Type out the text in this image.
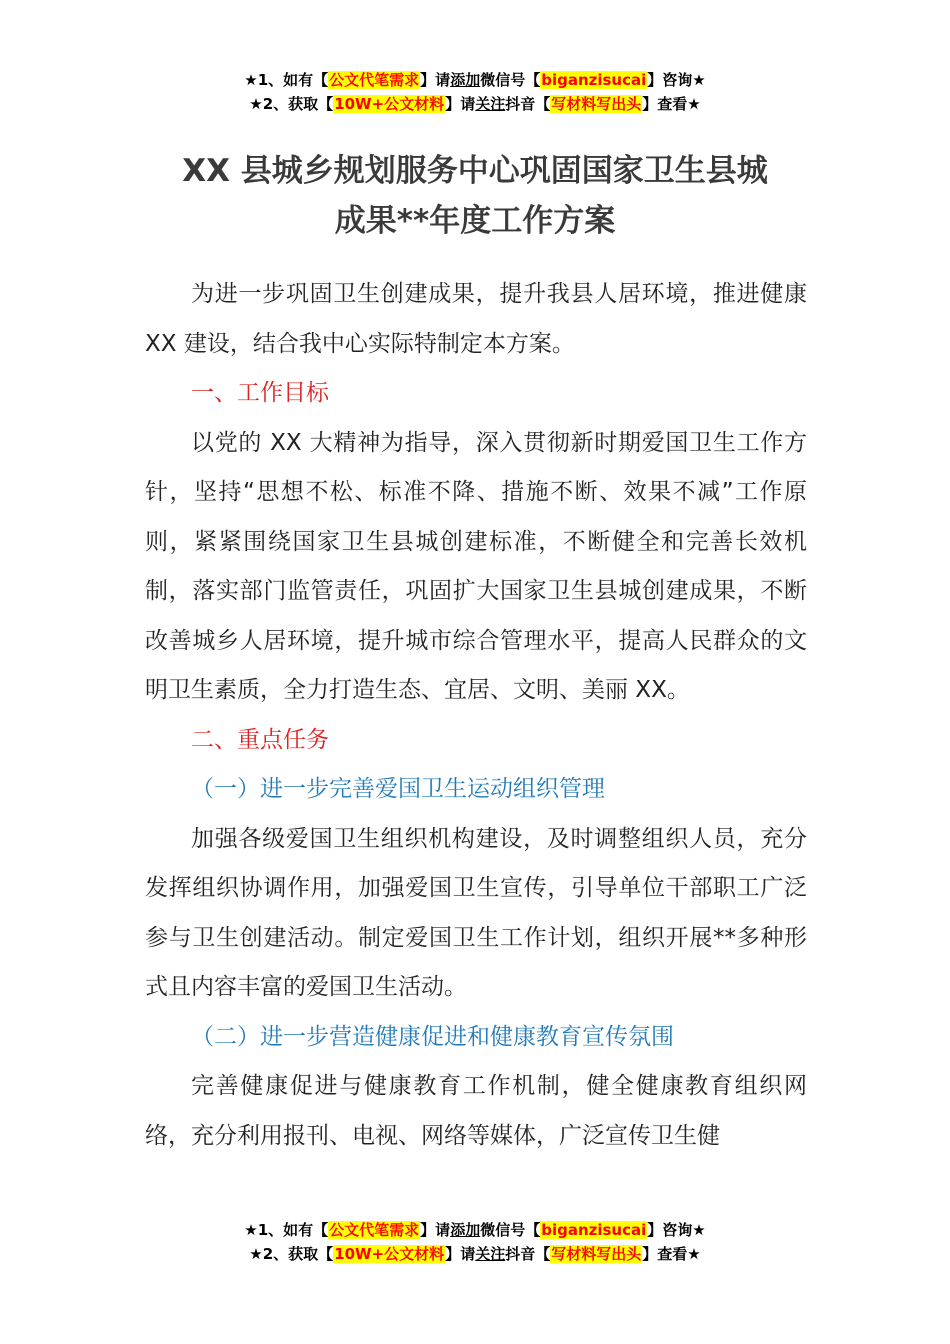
★1、如有【公文代笔需求】请添加微信号【biganzisucai】咨询★
★2、获取【10W+公文材料】请关注抖音【写材料写出头】查看★
XX 县城乡规划服务中心巩固国家卫生县城
成果**年度工作方案

为进一步巩固卫生创建成果，提升我县人居环境，推进健康 XX 建设，结合我中心实际特制定本方案。

一、工作目标

以党的 XX 大精神为指导，深入贯彻新时期爱国卫生工作方针，坚持“思想不松、标准不降、措施不断、效果不减”工作原则，紧紧围绕国家卫生县城创建标准，不断健全和完善长效机制，落实部门监管责任，巩固扩大国家卫生县城创建成果，不断改善城乡人居环境，提升城市综合管理水平，提高人民群众的文明卫生素质，全力打造生态、宜居、文明、美丽 XX。

二、重点任务

（一）进一步完善爱国卫生运动组织管理

加强各级爱国卫生组织机构建设，及时调整组织人员，充分发挥组织协调作用，加强爱国卫生宣传，引导单位干部职工广泛参与卫生创建活动。制定爱国卫生工作计划，组织开展**多种形式且内容丰富的爱国卫生活动。

（二）进一步营造健康促进和健康教育宣传氛围

完善健康促进与健康教育工作机制，健全健康教育组织网络，充分利用报刊、电视、网络等媒体，广泛宣传卫生健

★1、如有【公文代笔需求】请添加微信号【biganzisucai】咨询★
★2、获取【10W+公文材料】请关注抖音【写材料写出头】查看★
